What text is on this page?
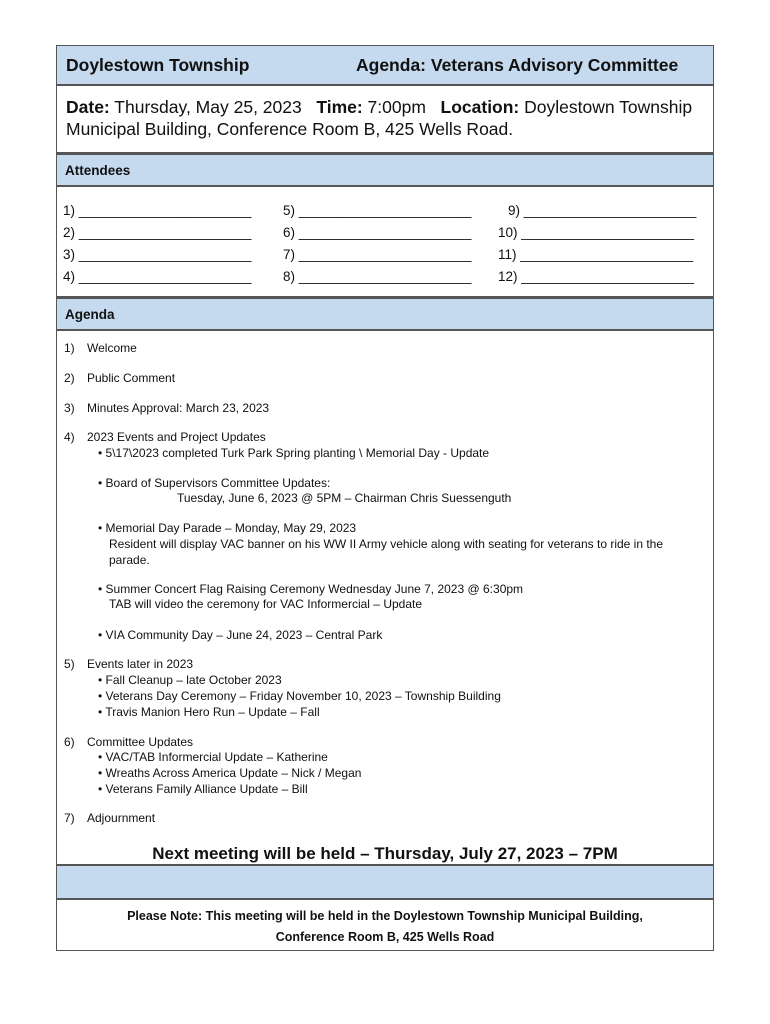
Doylestown Township	Agenda: Veterans Advisory Committee
Date: Thursday, May 25, 2023 Time: 7:00pm Location: Doylestown Township
Municipal Building, Conference Room B, 425 Wells Road.
Attendees
1) _______________________
2) _______________________
3) _______________________
4) _______________________
5) _______________________
6) _______________________
7) _______________________
8) _______________________
9) _______________________
10) _______________________
11) _______________________
12) _______________________
Agenda
1) Welcome
2) Public Comment
3) Minutes Approval: March 23, 2023
4) 2023 Events and Project Updates
• 5\17\2023 completed Turk Park Spring planting \ Memorial Day - Update
• Board of Supervisors Committee Updates:
Tuesday, June 6, 2023 @ 5PM – Chairman Chris Suessenguth
• Memorial Day Parade – Monday, May 29, 2023
Resident will display VAC banner on his WW II Army vehicle along with seating for veterans to ride in the
parade.
• Summer Concert Flag Raising Ceremony Wednesday June 7, 2023 @ 6:30pm
TAB will video the ceremony for VAC Informercial – Update
• VIA Community Day – June 24, 2023 – Central Park
5) Events later in 2023
• Fall Cleanup – late October 2023
• Veterans Day Ceremony – Friday November 10, 2023 – Township Building
• Travis Manion Hero Run – Update – Fall
6) Committee Updates
• VAC/TAB Informercial Update – Katherine
• Wreaths Across America Update – Nick / Megan
• Veterans Family Alliance Update – Bill
7) Adjournment
Next meeting will be held – Thursday, July 27, 2023 – 7PM
Please Note: This meeting will be held in the Doylestown Township Municipal Building,
Conference Room B, 425 Wells Road
